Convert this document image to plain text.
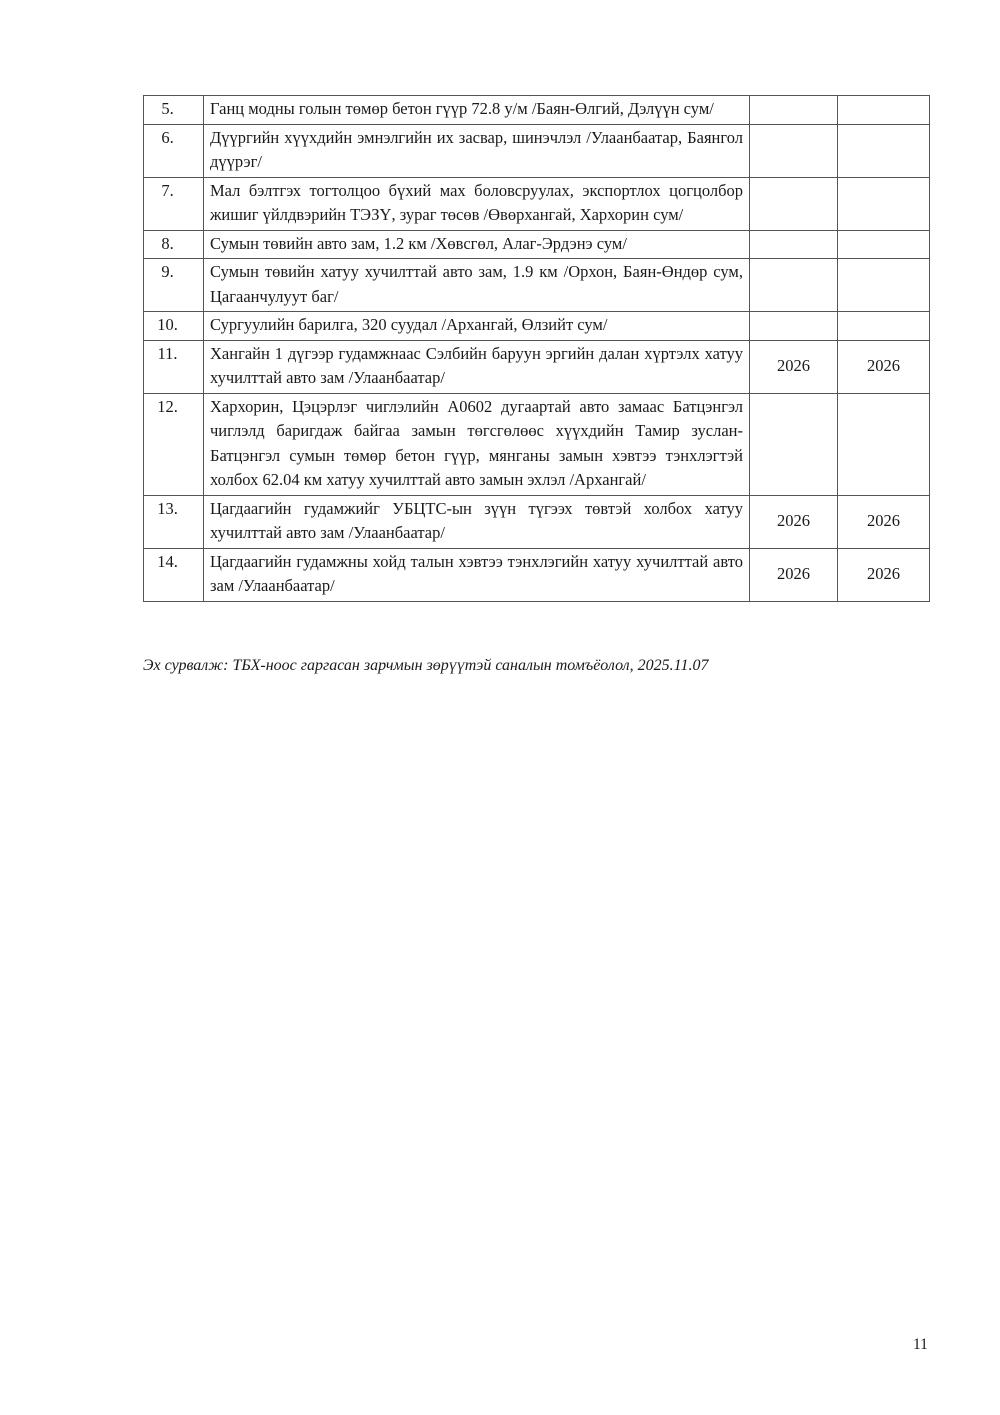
5.	Ганц модны голын төмөр бетон гүүр 72.8 у/м /Баян-Өлгий, Дэлүүн сум/		
6.	Дүүргийн хүүхдийн эмнэлгийн их засвар, шинэчлэл /Улаанбаатар, Баянгол дүүрэг/		
7.	Мал бэлтгэх тогтолцоо бүхий мах боловсруулах, экспортлох цогцолбор жишиг үйлдвэрийн ТЭЗҮ, зураг төсөв /Өвөрхангай, Хархорин сум/		
8.	Сумын төвийн авто зам, 1.2 км /Хөвсгөл, Алаг-Эрдэнэ сум/		
9.	Сумын төвийн хатуу хучилттай авто зам, 1.9 км /Орхон, Баян-Өндөр сум, Цагаанчулуут баг/		
10.	Сургуулийн барилга, 320 суудал /Архангай, Өлзийт сум/		
11.	Хангайн 1 дүгээр гудамжнаас Сэлбийн баруун эргийн далан хүртэлх хатуу хучилттай авто зам /Улаанбаатар/	2026	2026
12.	Хархорин, Цэцэрлэг чиглэлийн А0602 дугаартай авто замаас Батцэнгэл чиглэлд баригдаж байгаа замын төгсгөлөөс хүүхдийн Тамир зуслан-Батцэнгэл сумын төмөр бетон гүүр, мянганы замын хэвтээ тэнхлэгтэй холбох 62.04 км хатуу хучилттай авто замын эхлэл /Архангай/		
13.	Цагдаагийн гудамжийг УБЦТС-ын зүүн түгээх төвтэй холбох хатуу хучилттай авто зам /Улаанбаатар/	2026	2026
14.	Цагдаагийн гудамжны хойд талын хэвтээ тэнхлэгийн хатуу хучилттай авто зам /Улаанбаатар/	2026	2026
Эх сурвалж: ТБХ-ноос гаргасан зарчмын зөрүүтэй саналын томъёолол, 2025.11.07
11
